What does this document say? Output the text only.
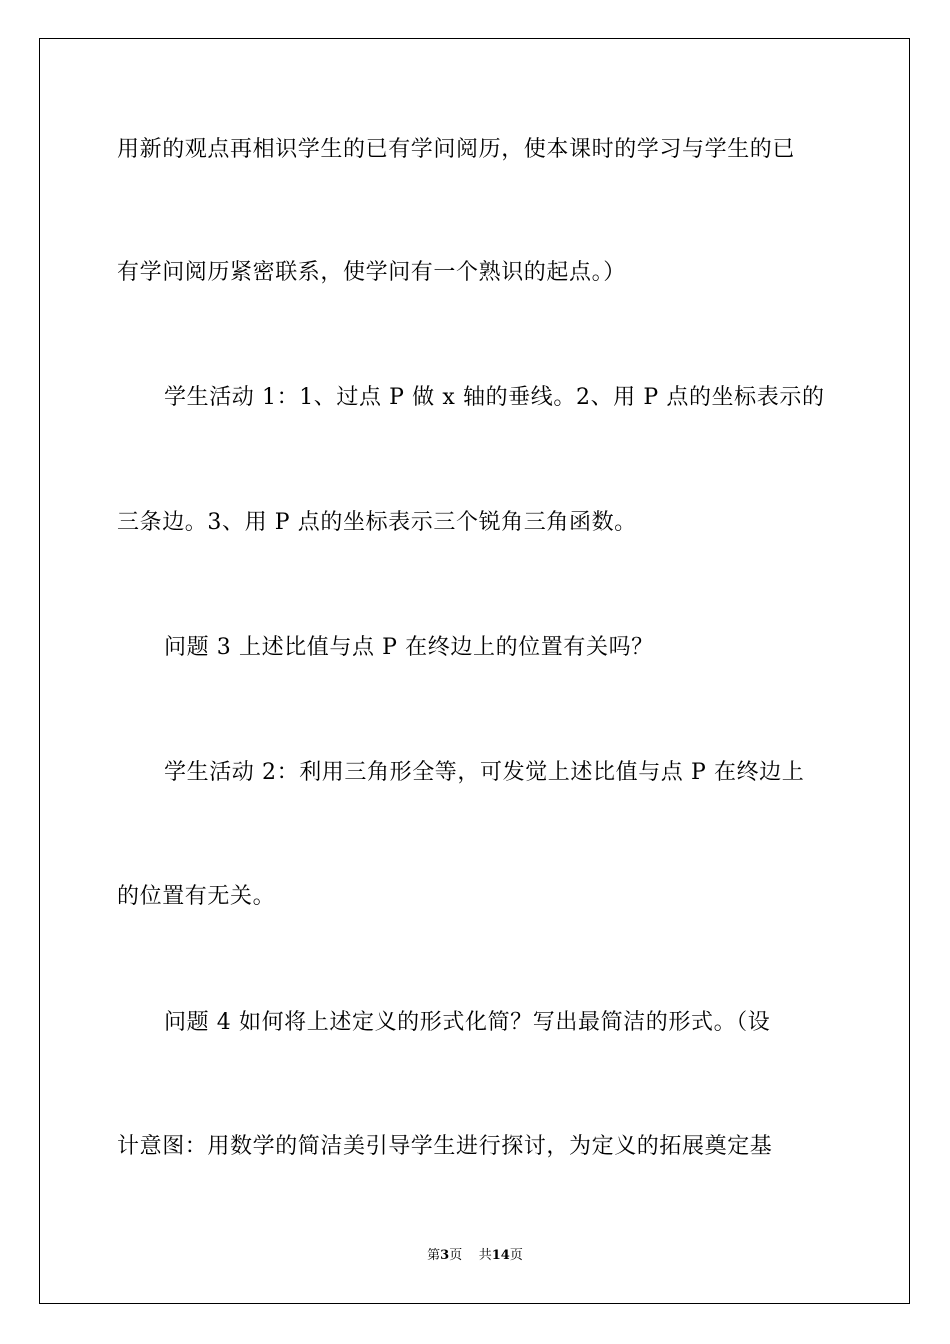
用新的观点再相识学生的已有学问阅历，使本课时的学习与学生的已
有学问阅历紧密联系，使学问有一个熟识的起点。）
学生活动 1：1、过点 P 做 x 轴的垂线。2、用 P 点的坐标表示的
三条边。3、用 P 点的坐标表示三个锐角三角函数。
问题 3 上述比值与点 P 在终边上的位置有关吗？
学生活动 2：利用三角形全等，可发觉上述比值与点 P 在终边上
的位置有无关。
问题 4 如何将上述定义的形式化简？写出最简洁的形式。（设
计意图：用数学的简洁美引导学生进行探讨，为定义的拓展奠定基
第3页 共14页
